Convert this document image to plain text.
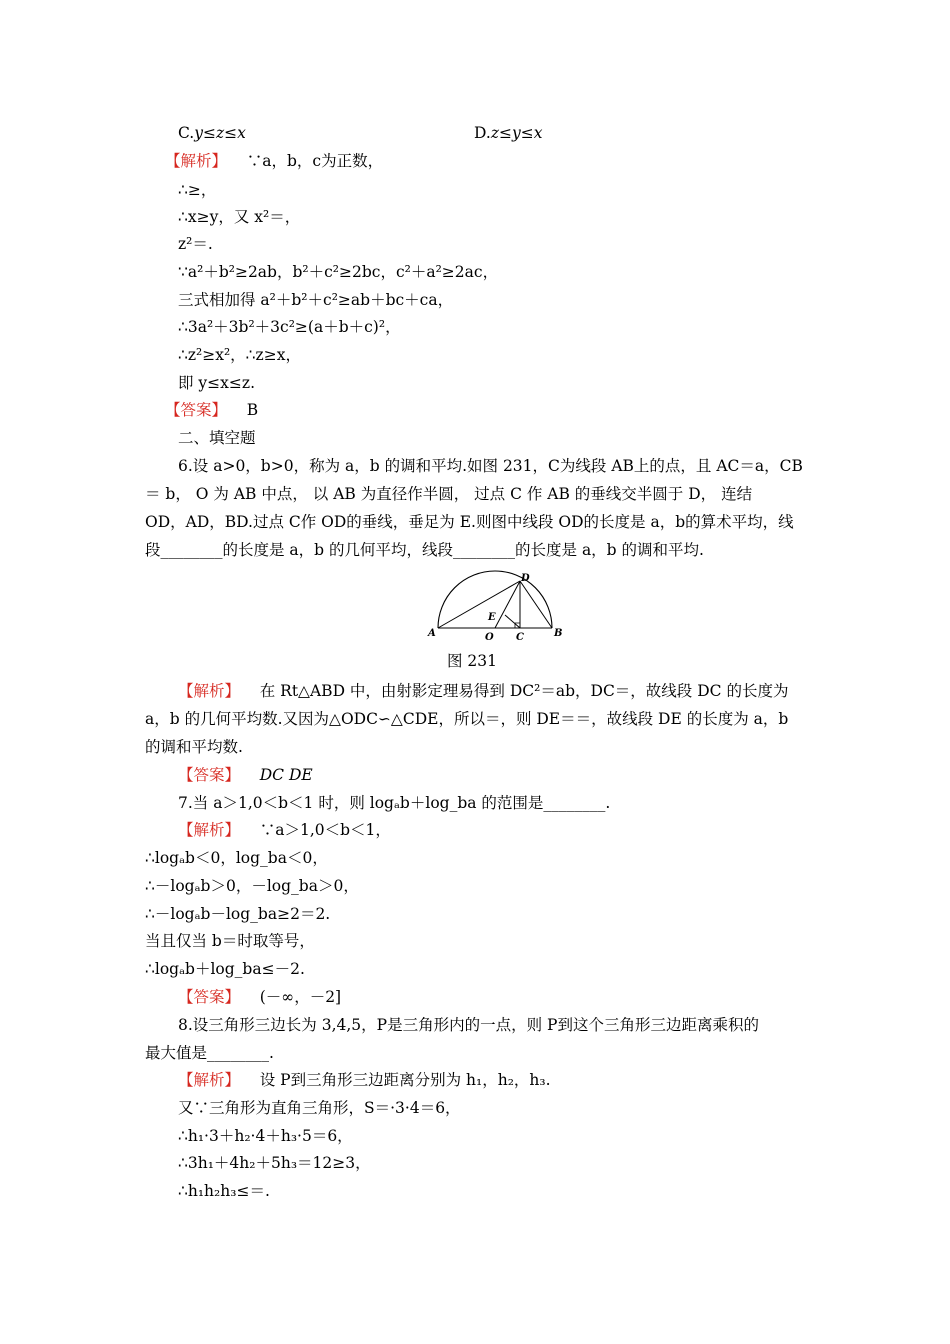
C.y≤z≤x	D.z≤y≤x
【解析】 ∵a，b，c为正数，
∴≥，
∴x≥y，又 x²＝，
z²＝.
∵a²＋b²≥2ab，b²＋c²≥2bc，c²＋a²≥2ac，
三式相加得 a²＋b²＋c²≥ab＋bc＋ca，
∴3a²＋3b²＋3c²≥(a＋b＋c)²，
∴z²≥x²，∴z≥x，
即 y≤x≤z.
【答案】 B
二、填空题
6.设 a>0，b>0，称为 a，b 的调和平均.如图 231，C为线段 AB上的点，且 AC＝a，CB
＝ b， O 为 AB 中点， 以 AB 为直径作半圆， 过点 C 作 AB 的垂线交半圆于 D， 连结
OD，AD，BD.过点 C作 OD的垂线，垂足为 E.则图中线段 OD的长度是 a，b的算术平均，线
段________的长度是 a，b 的几何平均，线段________的长度是 a，b 的调和平均.
A	B
C
D
E
O
图 231
【解析】 在 Rt△ABD 中，由射影定理易得到 DC²＝ab，DC＝，故线段 DC 的长度为
a，b 的几何平均数.又因为△ODC∽△CDE，所以＝，则 DE＝＝，故线段 DE 的长度为 a，b
的调和平均数.
【答案】 DC DE
7.当 a＞1,0＜b＜1 时，则 logₐb＋log_ba 的范围是________.
【解析】 ∵a＞1,0＜b＜1，
∴logₐb＜0，log_ba＜0，
∴－logₐb＞0，－log_ba＞0，
∴－logₐb－log_ba≥2＝2.
当且仅当 b＝时取等号，
∴logₐb＋log_ba≤－2.
【答案】 (－∞，－2]
8.设三角形三边长为 3,4,5，P是三角形内的一点，则 P到这个三角形三边距离乘积的
最大值是________.
【解析】 设 P到三角形三边距离分别为 h₁，h₂，h₃.
又∵三角形为直角三角形，S＝·3·4＝6，
∴h₁·3＋h₂·4＋h₃·5＝6，
∴3h₁＋4h₂＋5h₃＝12≥3，
∴h₁h₂h₃≤＝.
